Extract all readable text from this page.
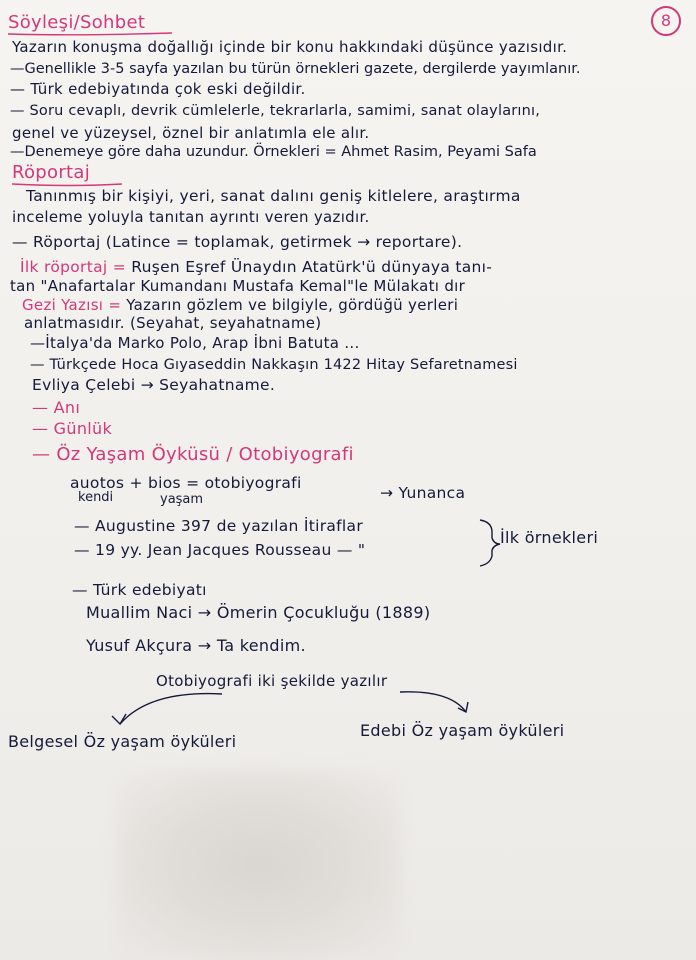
8
Söyleşi/Sohbet
Yazarın konuşma doğallığı içinde bir konu hakkındaki düşünce yazısıdır.
—Genellikle 3-5 sayfa yazılan bu türün örnekleri gazete, dergilerde yayımlanır.
— Türk edebiyatında çok eski değildir.
— Soru cevaplı, devrik cümlelerle, tekrarlarla, samimi, sanat olaylarını,
genel ve yüzeysel, öznel bir anlatımla ele alır.
—Denemeye göre daha uzundur. Örnekleri = Ahmet Rasim, Peyami Safa
Röportaj
Tanınmış bir kişiyi, yeri, sanat dalını geniş kitlelere, araştırma
inceleme yoluyla tanıtan ayrıntı veren yazıdır.
— Röportaj (Latince = toplamak, getirmek → reportare).
İlk röportaj = Ruşen Eşref Ünaydın Atatürk'ü dünyaya tanı-
tan "Anafartalar Kumandanı Mustafa Kemal"le Mülakatı dır
Gezi Yazısı = Yazarın gözlem ve bilgiyle, gördüğü yerleri
anlatmasıdır. (Seyahat, seyahatname)
—İtalya'da Marko Polo, Arap İbni Batuta ...
— Türkçede Hoca Gıyaseddin Nakkaşın 1422 Hitay Sefaretnamesi
Evliya Çelebi → Seyahatname.
— Anı
— Günlük
— Öz Yaşam Öyküsü / Otobiyografi
auotos + bios = otobiyografi
kendi	yaşam	→ Yunanca
— Augustine 397 de yazılan İtiraflar
— 19 yy. Jean Jacques Rousseau — "
İlk örnekleri
— Türk edebiyatı
Muallim Naci → Ömerin Çocukluğu (1889)
Yusuf Akçura → Ta kendim.
Otobiyografi iki şekilde yazılır
Belgesel Öz yaşam öyküleri
Edebi Öz yaşam öyküleri
